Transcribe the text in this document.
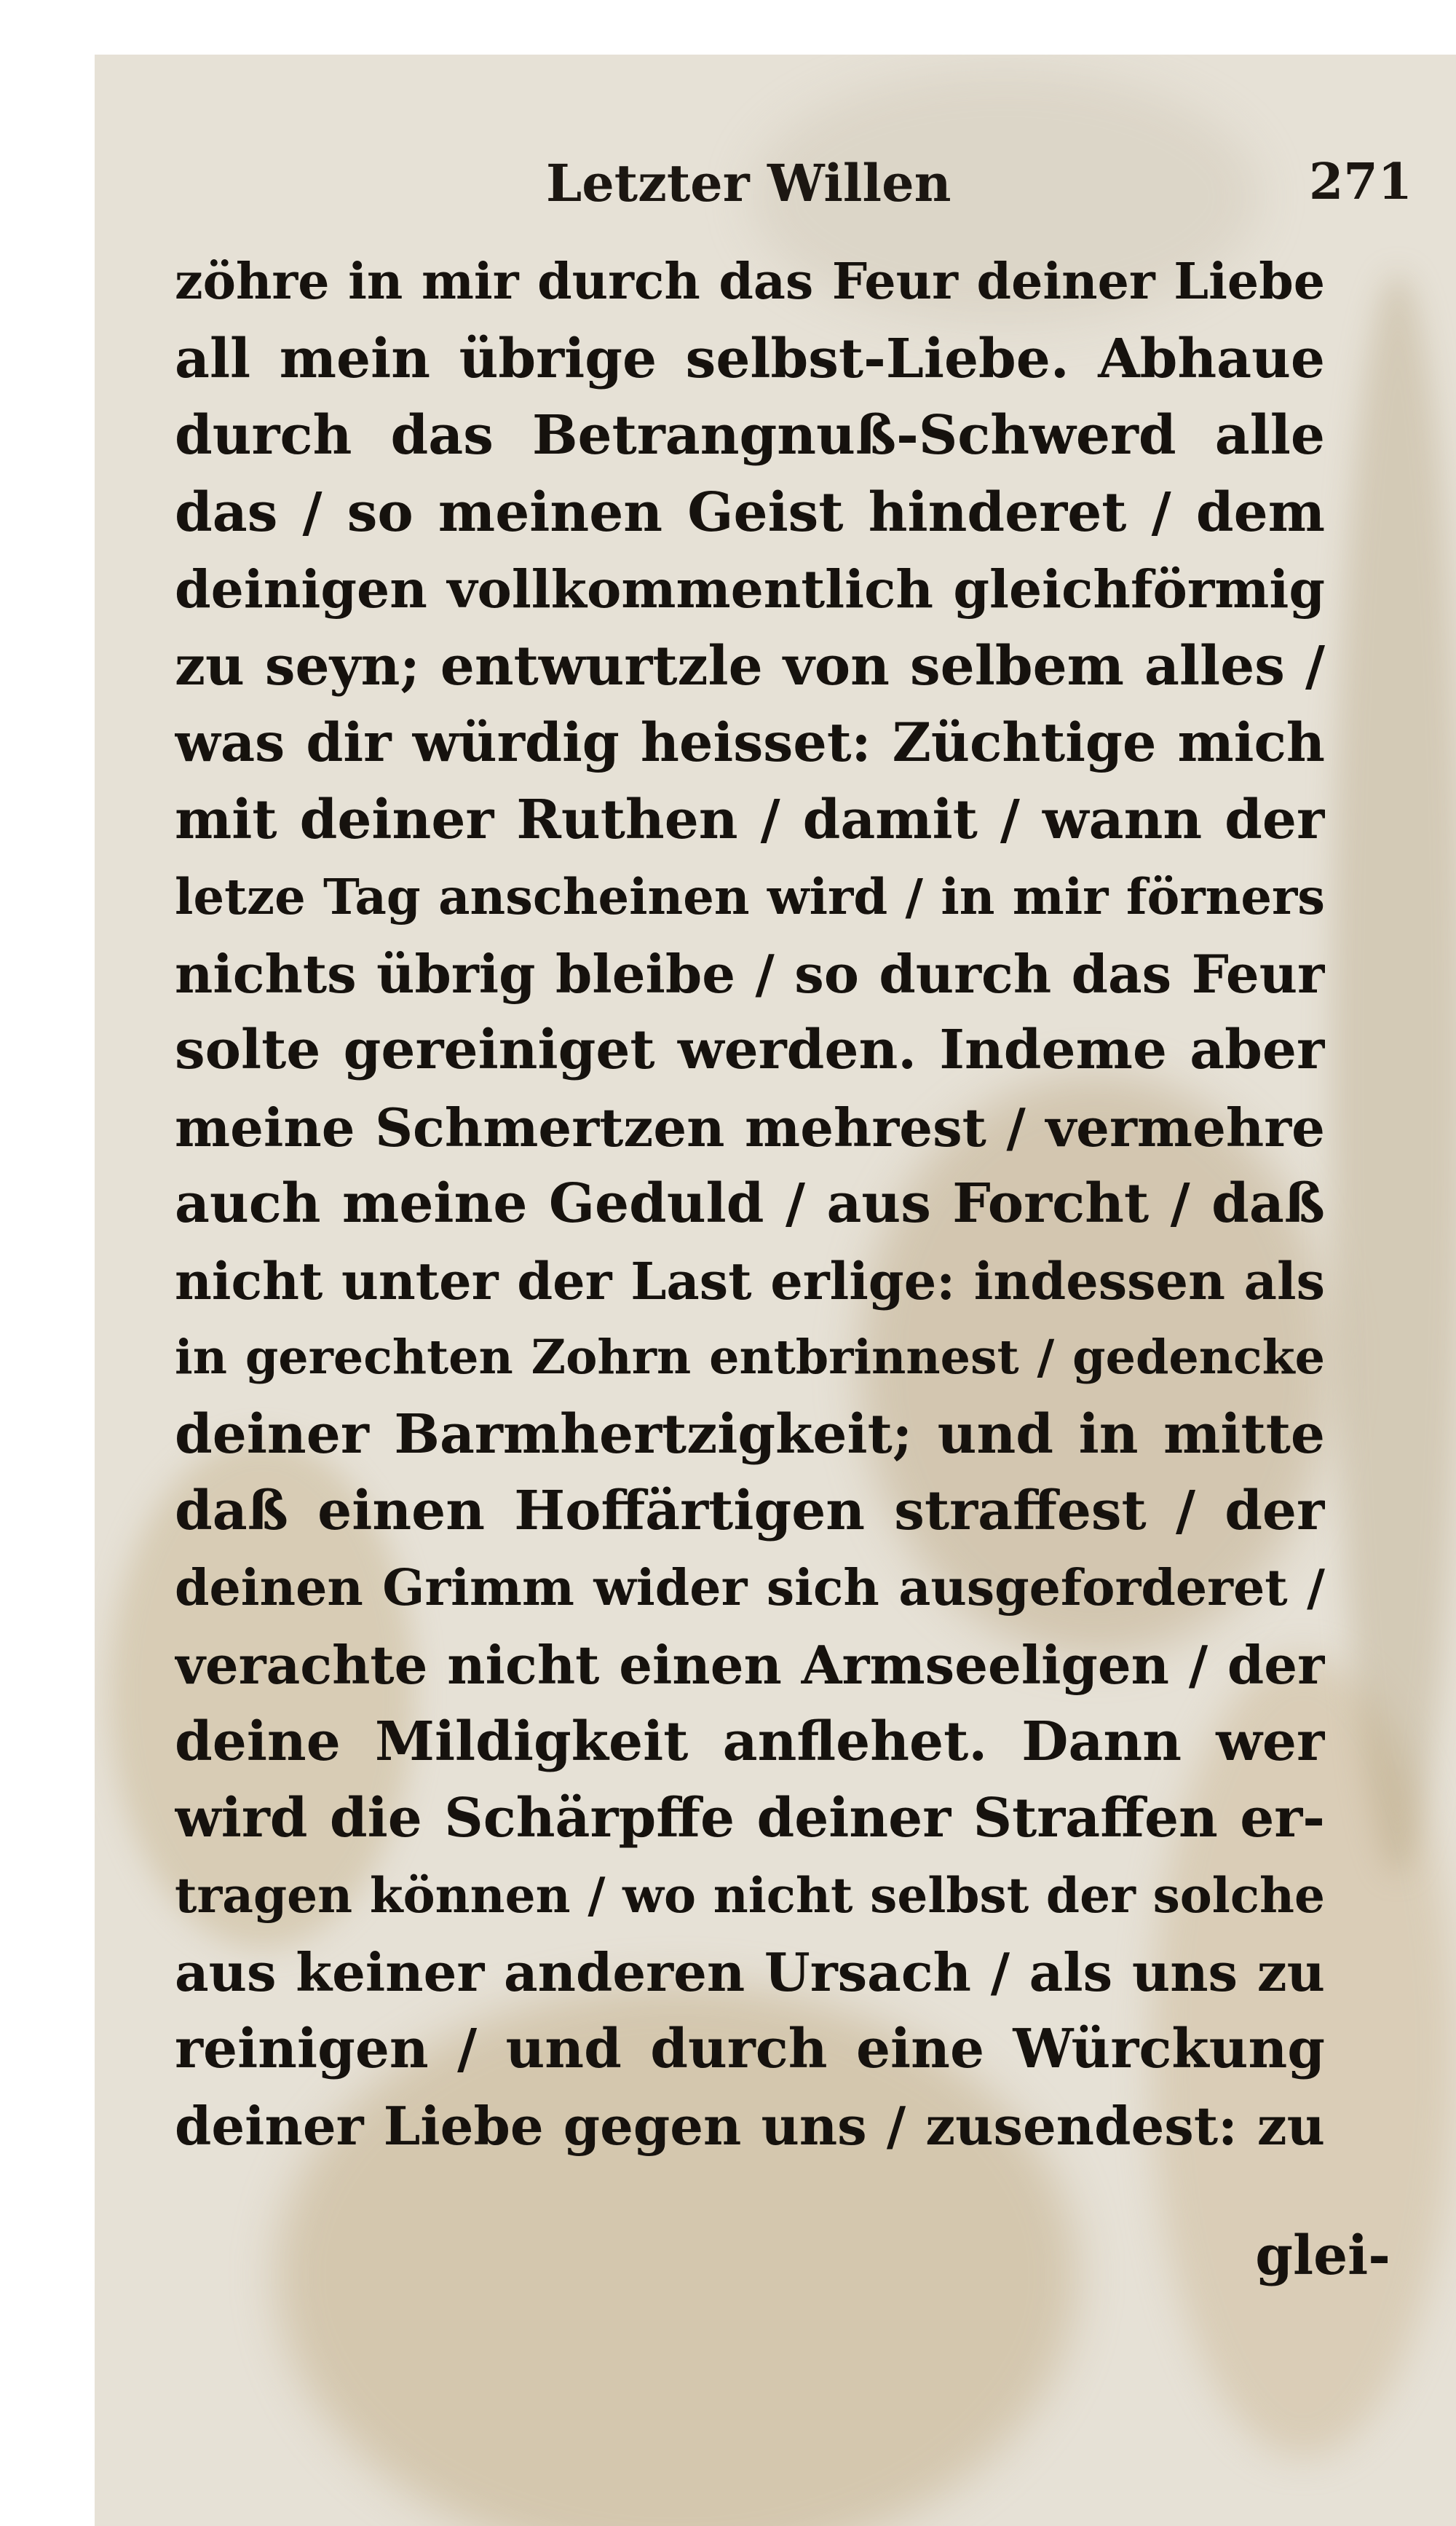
Letzter Willen	271
zöhre in mir durch das Feur deiner Liebe
all mein übrige selbst-Liebe. Abhaue
durch das Betrangnuß-Schwerd alle
das / so meinen Geist hinderet / dem
deinigen vollkommentlich gleichförmig
zu seyn; entwurtzle von selbem alles /
was dir würdig heisset: Züchtige mich
mit deiner Ruthen / damit / wann der
letze Tag anscheinen wird / in mir förners
nichts übrig bleibe / so durch das Feur
solte gereiniget werden. Indeme aber
meine Schmertzen mehrest / vermehre
auch meine Geduld / aus Forcht / daß
nicht unter der Last erlige: indessen als
in gerechten Zohrn entbrinnest / gedencke
deiner Barmhertzigkeit; und in mitte
daß einen Hoffärtigen straffest / der
deinen Grimm wider sich ausgeforderet /
verachte nicht einen Armseeligen / der
deine Mildigkeit anflehet. Dann wer
wird die Schärpffe deiner Straffen er-
tragen können / wo nicht selbst der solche
aus keiner anderen Ursach / als uns zu
reinigen / und durch eine Würckung
deiner Liebe gegen uns / zusendest: zu
glei-
